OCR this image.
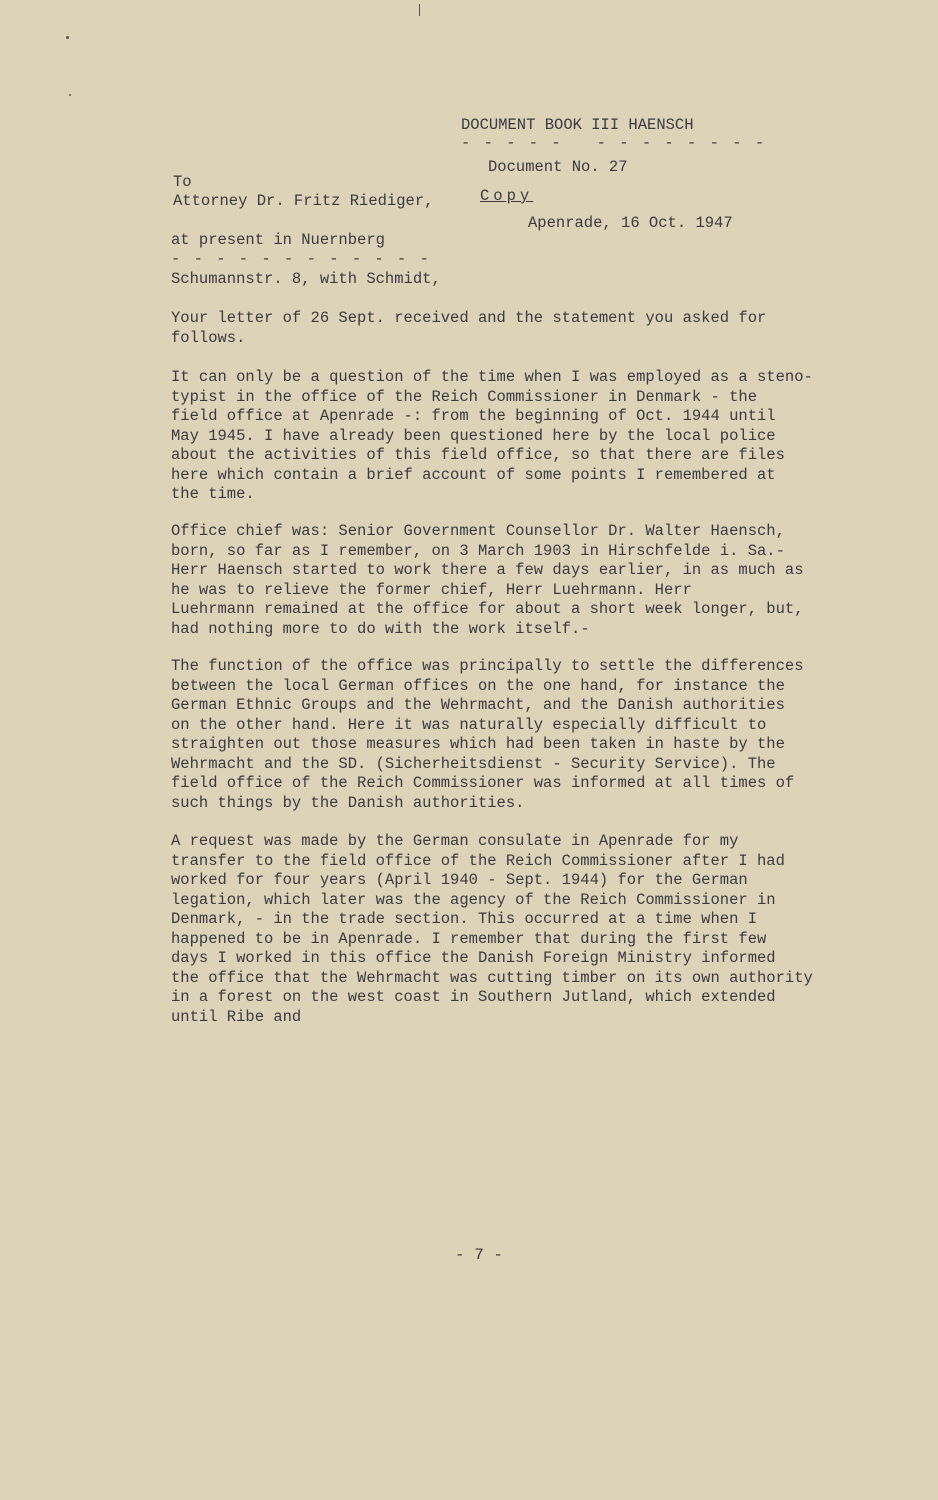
DOCUMENT BOOK III HAENSCH
- - - - -   - - - - - - - -
Document No. 27
Copy
Apenrade, 16 Oct. 1947
To
Attorney Dr. Fritz Riediger,
at present in Nuernberg
- - - - - - - - - - - -
Schumannstr. 8, with Schmidt,
Your letter of 26 Sept. received and the statement you asked for
follows.
It can only be a question of the time when I was employed as a steno-
typist in the office of the Reich Commissioner in Denmark - the
field office at Apenrade -: from the beginning of Oct. 1944 until
May 1945. I have already been questioned here by the local police
about the activities of this field office, so that there are files
here which contain a brief account of some points I remembered at
the time.
Office chief was: Senior Government Counsellor Dr. Walter Haensch,
born, so far as I remember, on 3 March 1903 in Hirschfelde i. Sa.-
Herr Haensch started to work there a few days earlier, in as much as
he was to relieve the former chief, Herr Luehrmann. Herr
Luehrmann remained at the office for about a short week longer, but,
had nothing more to do with the work itself.-
The function of the office was principally to settle the differences
between the local German offices on the one hand, for instance the
German Ethnic Groups and the Wehrmacht, and the Danish authorities
on the other hand. Here it was naturally especially difficult to
straighten out those measures which had been taken in haste by the
Wehrmacht and the SD. (Sicherheitsdienst - Security Service). The
field office of the Reich Commissioner was informed at all times of
such things by the Danish authorities.
A request was made by the German consulate in Apenrade for my
transfer to the field office of the Reich Commissioner after I had
worked for four years (April 1940 - Sept. 1944) for the German
legation, which later was the agency of the Reich Commissioner in
Denmark, - in the trade section. This occurred at a time when I
happened to be in Apenrade. I remember that during the first few
days I worked in this office the Danish Foreign Ministry informed
the office that the Wehrmacht was cutting timber on its own authority
in a forest on the west coast in Southern Jutland, which extended
until Ribe and
- 7 -
